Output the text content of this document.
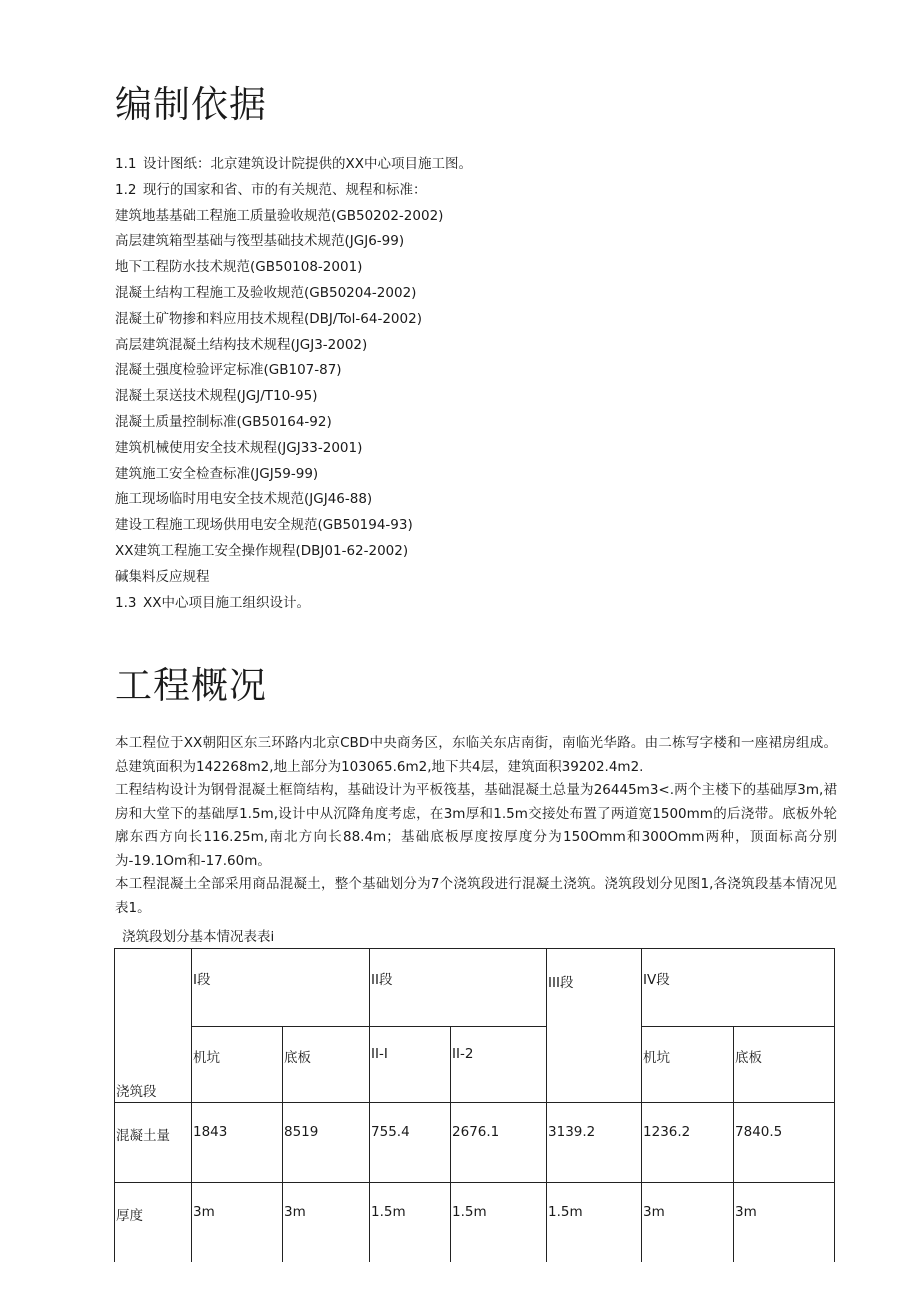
编制依据
1.1 设计图纸：北京建筑设计院提供的XX中心项目施工图。
1.2 现行的国家和省、市的有关规范、规程和标准：
建筑地基基础工程施工质量验收规范(GB50202-2002)
高层建筑箱型基础与筏型基础技术规范(JGJ6-99)
地下工程防水技术规范(GB50108-2001)
混凝土结构工程施工及验收规范(GB50204-2002)
混凝土矿物掺和料应用技术规程(DBJ/Tol-64-2002)
高层建筑混凝土结构技术规程(JGJ3-2002)
混凝土强度检验评定标准(GB107-87)
混凝土泵送技术规程(JGJ/T10-95)
混凝土质量控制标准(GB50164-92)
建筑机械使用安全技术规程(JGJ33-2001)
建筑施工安全检查标准(JGJ59-99)
施工现场临时用电安全技术规范(JGJ46-88)
建设工程施工现场供用电安全规范(GB50194-93)
XX建筑工程施工安全操作规程(DBJ01-62-2002)
碱集料反应规程
1.3 XX中心项目施工组织设计。
工程概况

本工程位于XX朝阳区东三环路内北京CBD中央商务区，东临关东店南街，南临光华路。由二栋写字楼和一座裙房组成。总建筑面积为142268m2,地上部分为103065.6m2,地下共4层，建筑面积39202.4m2.

工程结构设计为钢骨混凝土框筒结构，基础设计为平板筏基，基础混凝土总量为26445m3<.两个主楼下的基础厚3m,裙房和大堂下的基础厚1.5m,设计中从沉降角度考虑，在3m厚和1.5m交接处布置了两道宽1500mm的后浇带。底板外轮廓东西方向长116.25m,南北方向长88.4m；基础底板厚度按厚度分为150Omm和300Omm两种，顶面标高分别为-19.1Om和-17.60m。

本工程混凝土全部采用商品混凝土，整个基础划分为7个浇筑段进行混凝土浇筑。浇筑段划分见图1,各浇筑段基本情况见表1。

浇筑段划分基本情况表表i
浇筑段	I段		II段		III段	IV段	
	机坑	底板	II-I	II-2		机坑	底板
混凝土量	1843	8519	755.4	2676.1	3139.2	1236.2	7840.5
厚度	3m	3m	1.5m	1.5m	1.5m	3m	3m
